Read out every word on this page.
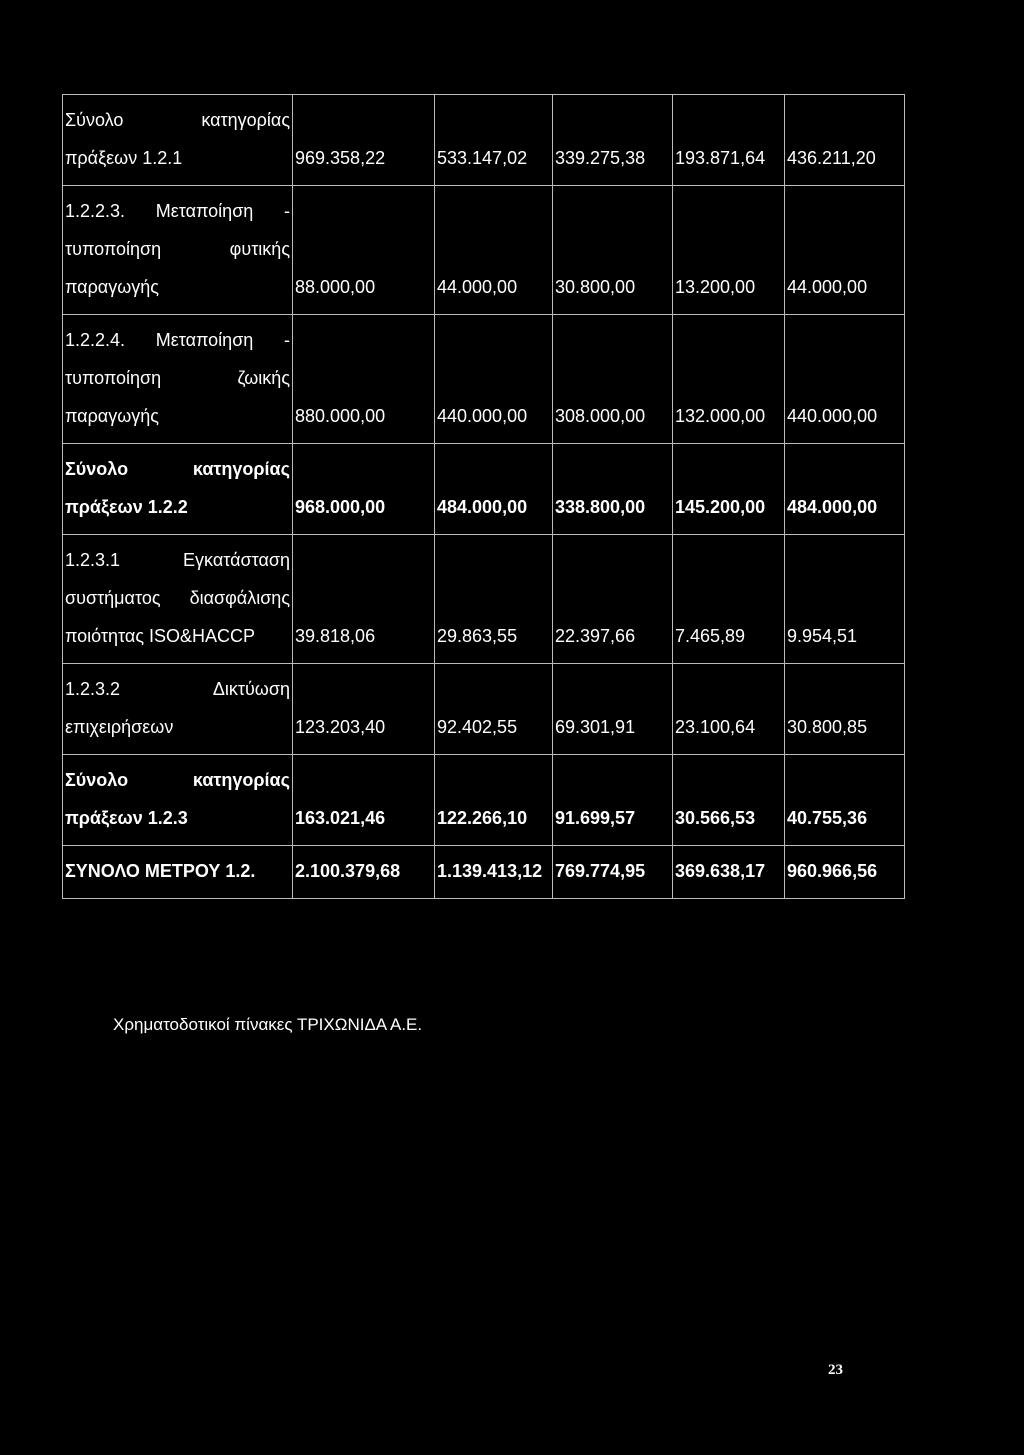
Σύνολο κατηγορίας πράξεων 1.2.1	969.358,22	533.147,02	339.275,38	193.871,64	436.211,20
1.2.2.3. Μεταποίηση - τυποποίηση φυτικής παραγωγής	88.000,00	44.000,00	30.800,00	13.200,00	44.000,00
1.2.2.4. Μεταποίηση - τυποποίηση ζωικής παραγωγής	880.000,00	440.000,00	308.000,00	132.000,00	440.000,00
Σύνολο κατηγορίας πράξεων 1.2.2	968.000,00	484.000,00	338.800,00	145.200,00	484.000,00
1.2.3.1 Εγκατάσταση συστήματος διασφάλισης ποιότητας ISO&HACCP	39.818,06	29.863,55	22.397,66	7.465,89	9.954,51
1.2.3.2 Δικτύωση επιχειρήσεων	123.203,40	92.402,55	69.301,91	23.100,64	30.800,85
Σύνολο κατηγορίας πράξεων 1.2.3	163.021,46	122.266,10	91.699,57	30.566,53	40.755,36
ΣΥΝΟΛΟ ΜΕΤΡΟΥ 1.2.	2.100.379,68	1.139.413,12	769.774,95	369.638,17	960.966,56
Χρηματοδοτικοί πίνακες ΤΡΙΧΩΝΙΔΑ Α.Ε.
23
